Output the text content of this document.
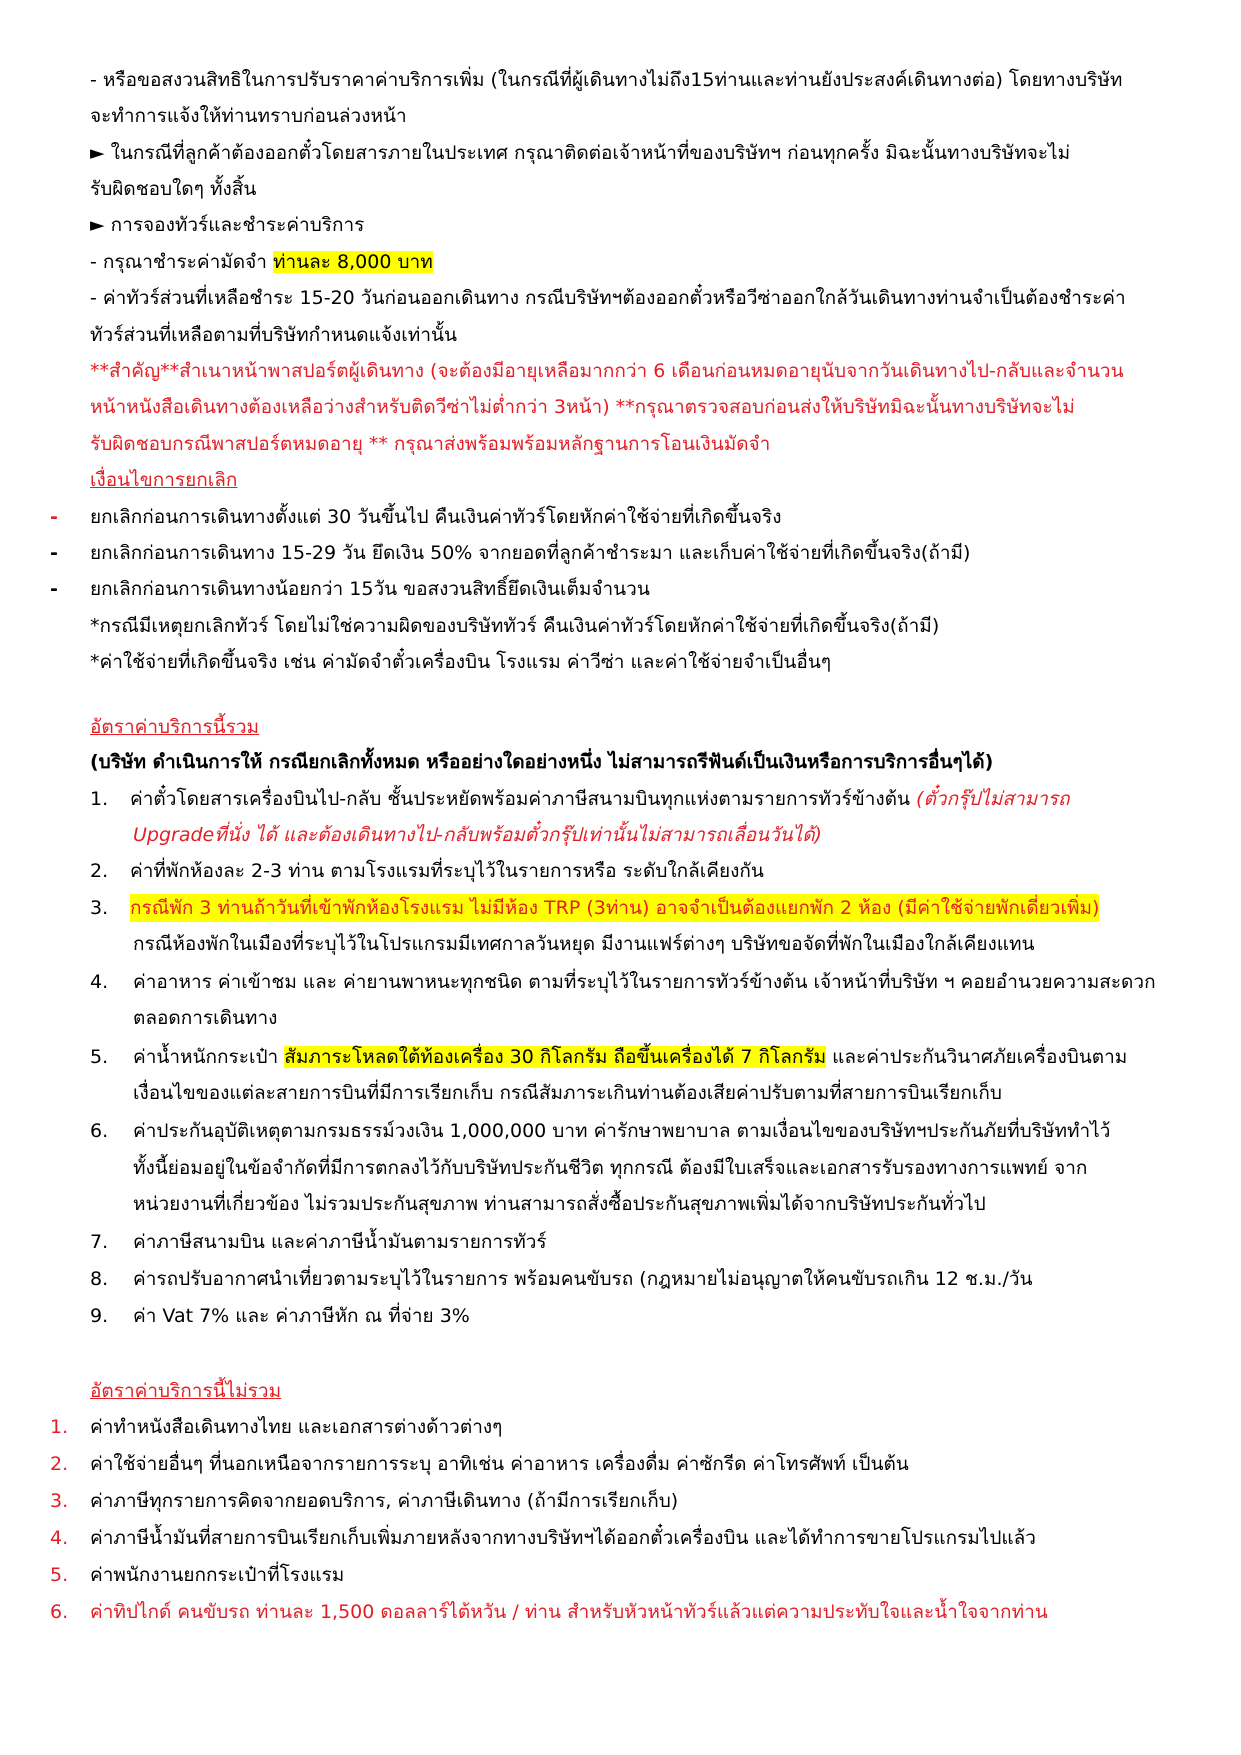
- หรือขอสงวนสิทธิในการปรับราคาค่าบริการเพิ่ม (ในกรณีที่ผู้เดินทางไม่ถึง15ท่านและท่านยังประสงค์เดินทางต่อ) โดยทางบริษัท
จะทำการแจ้งให้ท่านทราบก่อนล่วงหน้า
► ในกรณีที่ลูกค้าต้องออกตั๋วโดยสารภายในประเทศ กรุณาติดต่อเจ้าหน้าที่ของบริษัทฯ ก่อนทุกครั้ง มิฉะนั้นทางบริษัทจะไม่
รับผิดชอบใดๆ ทั้งสิ้น
► การจองทัวร์และชำระค่าบริการ
- กรุณาชำระค่ามัดจำ ท่านละ 8,000 บาท
- ค่าทัวร์ส่วนที่เหลือชำระ 15-20 วันก่อนออกเดินทาง กรณีบริษัทฯต้องออกตั๋วหรือวีซ่าออกใกล้วันเดินทางท่านจำเป็นต้องชำระค่า
ทัวร์ส่วนที่เหลือตามที่บริษัทกำหนดแจ้งเท่านั้น
**สำคัญ**สำเนาหน้าพาสปอร์ตผู้เดินทาง (จะต้องมีอายุเหลือมากกว่า 6 เดือนก่อนหมดอายุนับจากวันเดินทางไป-กลับและจำนวน
หน้าหนังสือเดินทางต้องเหลือว่างสำหรับติดวีซ่าไม่ต่ำกว่า 3หน้า) **กรุณาตรวจสอบก่อนส่งให้บริษัทมิฉะนั้นทางบริษัทจะไม่
รับผิดชอบกรณีพาสปอร์ตหมดอายุ ** กรุณาส่งพร้อมพร้อมหลักฐานการโอนเงินมัดจำ
เงื่อนไขการยกเลิก
- ยกเลิกก่อนการเดินทางตั้งแต่ 30 วันขึ้นไป คืนเงินค่าทัวร์โดยหักค่าใช้จ่ายที่เกิดขึ้นจริง
- ยกเลิกก่อนการเดินทาง 15-29 วัน ยึดเงิน 50% จากยอดที่ลูกค้าชำระมา และเก็บค่าใช้จ่ายที่เกิดขึ้นจริง(ถ้ามี)
- ยกเลิกก่อนการเดินทางน้อยกว่า 15วัน ขอสงวนสิทธิ์ยึดเงินเต็มจำนวน
*กรณีมีเหตุยกเลิกทัวร์ โดยไม่ใช่ความผิดของบริษัททัวร์ คืนเงินค่าทัวร์โดยหักค่าใช้จ่ายที่เกิดขึ้นจริง(ถ้ามี)
*ค่าใช้จ่ายที่เกิดขึ้นจริง เช่น ค่ามัดจำตั๋วเครื่องบิน โรงแรม ค่าวีซ่า และค่าใช้จ่ายจำเป็นอื่นๆ
อัตราค่าบริการนี้รวม
(บริษัท ดำเนินการให้ กรณียกเลิกทั้งหมด หรืออย่างใดอย่างหนึ่ง ไม่สามารถรีฟันด์เป็นเงินหรือการบริการอื่นๆได้)
1. ค่าตั๋วโดยสารเครื่องบินไป-กลับ ชั้นประหยัดพร้อมค่าภาษีสนามบินทุกแห่งตามรายการทัวร์ข้างต้น (ตั๋วกรุ๊ปไม่สามารถ
Upgradeที่นั่ง ได้ และต้องเดินทางไป-กลับพร้อมตั๋วกรุ๊ปเท่านั้นไม่สามารถเลื่อนวันได้)
2. ค่าที่พักห้องละ 2-3 ท่าน ตามโรงแรมที่ระบุไว้ในรายการหรือ ระดับใกล้เคียงกัน
3. กรณีพัก 3 ท่านถ้าวันที่เข้าพักห้องโรงแรม ไม่มีห้อง TRP (3ท่าน) อาจจำเป็นต้องแยกพัก 2 ห้อง (มีค่าใช้จ่ายพักเดี่ยวเพิ่ม)
กรณีห้องพักในเมืองที่ระบุไว้ในโปรแกรมมีเทศกาลวันหยุด มีงานแฟร์ต่างๆ บริษัทขอจัดที่พักในเมืองใกล้เคียงแทน
4. ค่าอาหาร ค่าเข้าชม และ ค่ายานพาหนะทุกชนิด ตามที่ระบุไว้ในรายการทัวร์ข้างต้น เจ้าหน้าที่บริษัท ฯ คอยอำนวยความสะดวก
ตลอดการเดินทาง
5. ค่าน้ำหนักกระเป๋า สัมภาระโหลดใต้ท้องเครื่อง 30 กิโลกรัม ถือขึ้นเครื่องได้ 7 กิโลกรัม และค่าประกันวินาศภัยเครื่องบินตาม
เงื่อนไขของแต่ละสายการบินที่มีการเรียกเก็บ กรณีสัมภาระเกินท่านต้องเสียค่าปรับตามที่สายการบินเรียกเก็บ
6. ค่าประกันอุบัติเหตุตามกรมธรรม์วงเงิน 1,000,000 บาท ค่ารักษาพยาบาล ตามเงื่อนไขของบริษัทฯประกันภัยที่บริษัททำไว้
ทั้งนี้ย่อมอยู่ในข้อจำกัดที่มีการตกลงไว้กับบริษัทประกันชีวิต ทุกกรณี ต้องมีใบเสร็จและเอกสารรับรองทางการแพทย์ จาก
หน่วยงานที่เกี่ยวข้อง ไม่รวมประกันสุขภาพ ท่านสามารถสั่งซื้อประกันสุขภาพเพิ่มได้จากบริษัทประกันทั่วไป
7. ค่าภาษีสนามบิน และค่าภาษีน้ำมันตามรายการทัวร์
8. ค่ารถปรับอากาศนำเที่ยวตามระบุไว้ในรายการ พร้อมคนขับรถ (กฎหมายไม่อนุญาตให้คนขับรถเกิน 12 ช.ม./วัน
9. ค่า Vat 7% และ ค่าภาษีหัก ณ ที่จ่าย 3%
อัตราค่าบริการนี้ไม่รวม
1. ค่าทำหนังสือเดินทางไทย และเอกสารต่างด้าวต่างๆ
2. ค่าใช้จ่ายอื่นๆ ที่นอกเหนือจากรายการระบุ อาทิเช่น ค่าอาหาร เครื่องดื่ม ค่าซักรีด ค่าโทรศัพท์ เป็นต้น
3. ค่าภาษีทุกรายการคิดจากยอดบริการ, ค่าภาษีเดินทาง (ถ้ามีการเรียกเก็บ)
4. ค่าภาษีน้ำมันที่สายการบินเรียกเก็บเพิ่มภายหลังจากทางบริษัทฯได้ออกตั๋วเครื่องบิน และได้ทำการขายโปรแกรมไปแล้ว
5. ค่าพนักงานยกกระเป๋าที่โรงแรม
6. ค่าทิปไกด์ คนขับรถ ท่านละ 1,500 ดอลลาร์ไต้หวัน / ท่าน สำหรับหัวหน้าทัวร์แล้วแต่ความประทับใจและน้ำใจจากท่าน
